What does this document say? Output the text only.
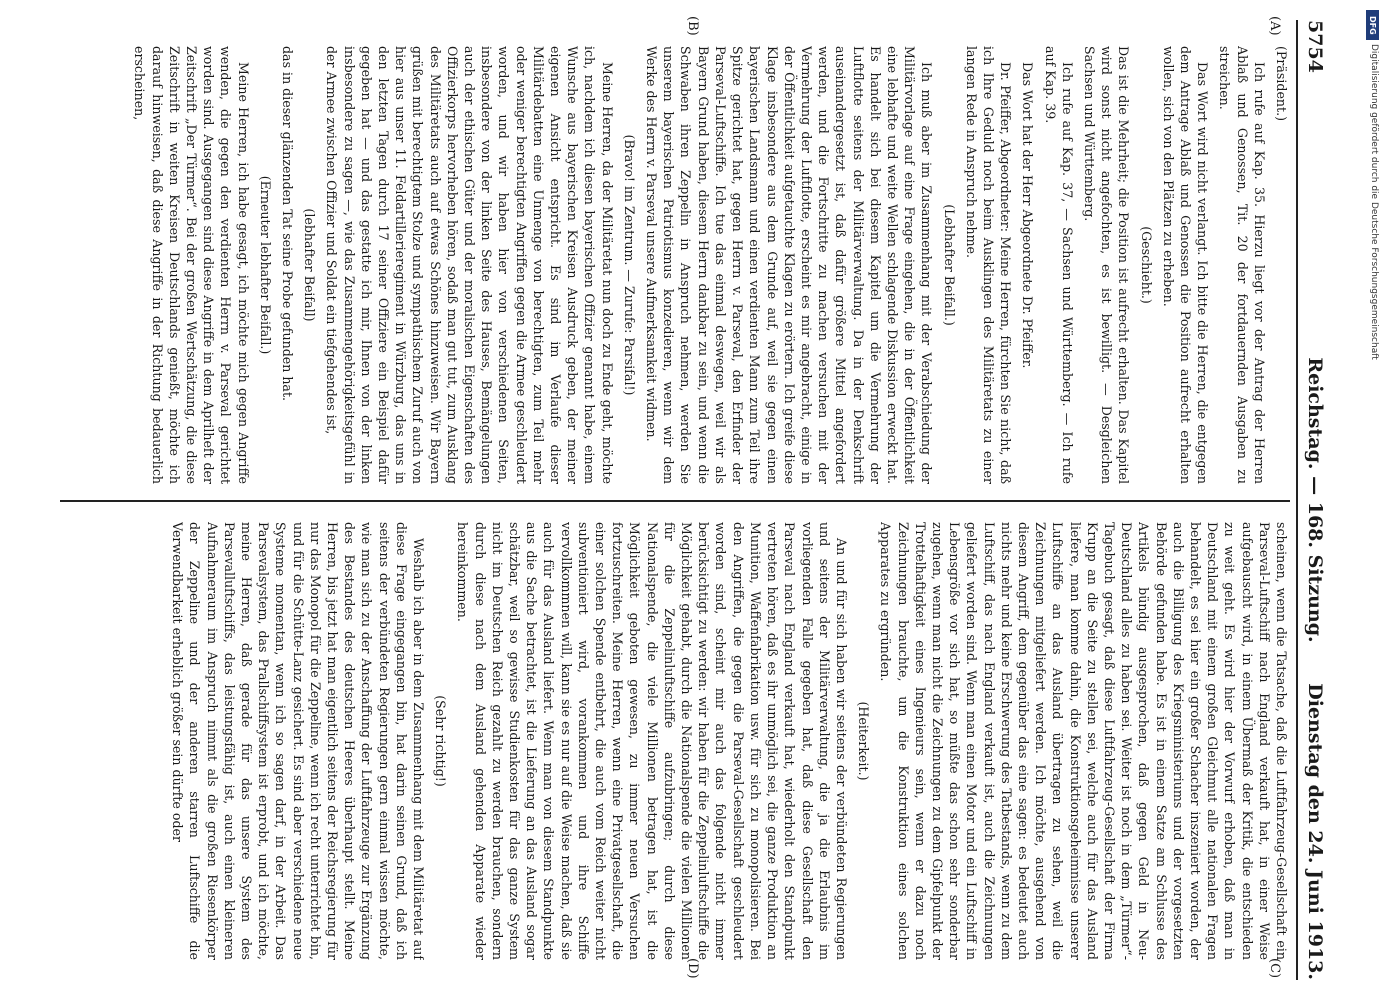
5754
Reichstag. — 168. Sitzung.
Dienstag den 24. Juni 1913.
(A)
(B)
(C)
(D)

(Präsident.)

Ich rufe auf Kap. 35. Hierzu liegt vor der Antrag der Herren Ablaß und Genossen, Tit. 20 der fortdauernden Ausgaben zu streichen.

Das Wort wird nicht verlangt. Ich bitte die Herren, die entgegen dem Antrage Ablaß und Genossen die Position aufrecht erhalten wollen, sich von den Plätzen zu erheben.

(Geschieht.)

Das ist die Mehrheit; die Position ist aufrecht erhalten. Das Kapitel wird sonst nicht angefochten, es ist bewilligt. — Desgleichen Sachsen und Württemberg.

Ich rufe auf Kap. 37, — Sachsen und Württemberg. — Ich rufe auf Kap. 39.

Das Wort hat der Herr Abgeordnete Dr. Pfeiffer.

Dr. Pfeiffer, Abgeordneter: Meine Herren, fürchten Sie nicht, daß ich Ihre Geduld noch beim Ausklingen des Militäretats zu einer langen Rede in Anspruch nehme.

(Lebhafter Beifall.)

Ich muß aber im Zusammenhang mit der Verabschiedung der Militärvorlage auf eine Frage eingehen, die in der Öffentlichkeit eine lebhafte und weite Wellen schlagende Diskussion erweckt hat. Es handelt sich bei diesem Kapitel um die Vermehrung der Luftflotte seitens der Militärverwaltung. Da in der Denkschrift auseinandergesetzt ist, daß dafür größere Mittel angefordert werden, und die Fortschritte zu machen versuchen mit der Vermehrung der Luftflotte, erscheint es mir angebracht, einige in der Öffentlichkeit aufgetauchte Klagen zu erörtern. Ich greife diese Klage insbesondere aus dem Grunde auf, weil sie gegen einen bayerischen Landsmann und einen verdienten Mann zum Teil ihre Spitze gerichtet hat, gegen Herrn v. Parseval, den Erfinder der Parseval-Luftschiffe. Ich tue das einmal deswegen, weil wir als Bayern Grund haben, diesem Herrn dankbar zu sein, und wenn die Schwaben ihren Zeppelin in Anspruch nehmen, werden Sie unserem bayerischen Patriotismus konzedieren, wenn wir dem Werke des Herrn v. Parseval unsere Aufmerksamkeit widmen.

(Bravo! im Zentrum. — Zurufe: Parsifal!)

Meine Herren, da der Militäretat nun doch zu Ende geht, möchte ich, nachdem ich diesen bayerischen Offizier genannt habe, einem Wunsche aus bayerischen Kreisen Ausdruck geben, der meiner eigenen Ansicht entspricht. Es sind im Verlaufe dieser Militärdebatten eine Unmenge von berechtigten, zum Teil mehr oder weniger berechtigten Angriffen gegen die Armee geschleudert worden, und wir haben hier von verschiedenen Seiten, insbesondere von der linken Seite des Hauses, Bemängelungen auch der ethischen Güter und der moralischen Eigenschaften des Offizierkorps hervorheben hören, sodaß man gut tut, zum Ausklang des Militäretats auch auf etwas Schönes hinzuweisen. Wir Bayern grüßen mit berechtigtem Stolze und sympathischem Zuruf auch von hier aus unser 11. Feldartillerieregiment in Würzburg, das uns in den letzten Tagen durch 17 seiner Offiziere ein Beispiel dafür gegeben hat — und das gestatte ich mir, Ihnen von der linken insbesondere zu sagen —, wie das Zusammengehörigkeitsgefühl in der Armee zwischen Offizier und Soldat ein tiefgehendes ist,

(lebhafter Beifall)

das in dieser glänzenden Tat seine Probe gefunden hat.

(Erneuter lebhafter Beifall.)

Meine Herren, ich habe gesagt, ich möchte mich gegen Angriffe wenden, die gegen den verdienten Herrn v. Parseval gerichtet worden sind. Ausgegangen sind diese Angriffe in dem Aprilheft der Zeitschrift „Der Türmer“. Bei der großen Wertschätzung, die diese Zeitschrift in weiten Kreisen Deutschlands genießt, möchte ich darauf hinweisen, daß diese Angriffe in der Richtung bedauerlich erscheinen,

scheinen, wenn die Tatsache, daß die Luftfahrzeug-Gesellschaft ein Parseval-Luftschiff nach England verkauft hat, in einer Weise aufgebauscht wird, in einem Übermaß der Kritik, die entschieden zu weit geht. Es wird hier der Vorwurf erhoben, daß man in Deutschland mit einem großen Gleichmut alle nationalen Fragen behandelt, es sei hier ein großer Schacher inszeniert worden, der auch die Billigung des Kriegsministeriums und der vorgesetzten Behörde gefunden habe. Es ist in einem Satze am Schlusse des Artikels bündig ausgesprochen, daß gegen Geld in Neu-Deutschland alles zu haben sei. Weiter ist noch in dem „Türmer“-Tagebuch gesagt, daß diese Luftfahrzeug-Gesellschaft der Firma Krupp an die Seite zu stellen sei, welche auch für das Ausland liefere, man komme dahin, die Konstruktionsgeheimnisse unserer Luftschiffe an das Ausland übertragen zu sehen, weil die Zeichnungen mitgeliefert werden. Ich möchte, ausgehend von diesem Angriff, dem gegenüber das eine sagen: es bedeutet auch nichts mehr und keine Erschwerung des Tatbestands, wenn zu dem Luftschiff, das nach England verkauft ist, auch die Zeichnungen geliefert worden sind. Wenn man einen Motor und ein Luftschiff in Lebensgröße vor sich hat, so müßte das schon sehr sonderbar zugehen, wenn man nicht die Zeichnungen zu dem Gipfelpunkt der Trottelhaftigkeit eines Ingenieurs sein, wenn er dazu noch Zeichnungen brauchte, um die Konstruktion eines solchen Apparates zu ergründen.

(Heiterkeit.)

An und für sich haben wir seitens der verbündeten Regierungen und seitens der Militärverwaltung, die ja die Erlaubnis im vorliegenden Falle gegeben hat, daß diese Gesellschaft den Parseval nach England verkauft hat, wiederholt den Standpunkt vertreten hören, daß es ihr unmöglich sei, die ganze Produktion an Munition, Waffenfabrikation usw. für sich zu monopolisieren. Bei den Angriffen, die gegen die Parseval-Gesellschaft geschleudert worden sind, scheint mir auch das folgende nicht immer berücksichtigt zu werden: wir haben für die Zeppelinluftschiffe die Möglichkeit gehabt, durch die Nationalspende die vielen Millionen für die Zeppelinluftschiffe aufzubringen; durch diese Nationalspende, die viele Millionen betragen hat, ist die Möglichkeit geboten gewesen, zu immer neuen Versuchen fortzuschreiten. Meine Herren, wenn eine Privatgesellschaft, die einer solchen Spende entbehrt, die auch vom Reich weiter nicht subventioniert wird, vorankommen und ihre Schiffe vervollkommnen will, kann sie es nur auf die Weise machen, daß sie auch für das Ausland liefert. Wenn man von diesem Standpunkte aus die Sache betrachtet, ist die Lieferung an das Ausland sogar schätzbar, weil so gewisse Studienkosten für das ganze System nicht im Deutschen Reich gezahlt zu werden brauchen, sondern durch diese nach dem Ausland gehenden Apparate wieder hereinkommen.

(Sehr richtig!)

Weshalb ich aber in dem Zusammenhang mit dem Militäretat auf diese Frage eingegangen bin, hat darin seinen Grund, daß ich seitens der verbündeten Regierungen gern einmal wissen möchte, wie man sich zu der Anschaffung der Luftfahrzeuge zur Ergänzung des Bestandes des deutschen Heeres überhaupt stellt. Meine Herren, bis jetzt hat man eigentlich seitens der Reichsregierung für nur das Monopol für die Zeppeline, wenn ich recht unterrichtet bin, und für die Schütte-Lanz gesichert. Es sind aber verschiedene neue Systeme momentan, wenn ich so sagen darf, in der Arbeit. Das Parsevalsystem, das Prallschiffsystem ist erprobt, und ich möchte, meine Herren, daß gerade für das unsere System des Parsevalluftschiffs, das leistungsfähig ist, auch einen kleineren Aufnahmeraum im Anspruch nimmt als die großen Riesenkörper der Zeppeline und der anderen starren Luftschiffe die Verwendbarkeit erheblich größer sein dürfte oder

DFG
Digitalisierung gefördert durch die Deutsche Forschungsgemeinschaft
